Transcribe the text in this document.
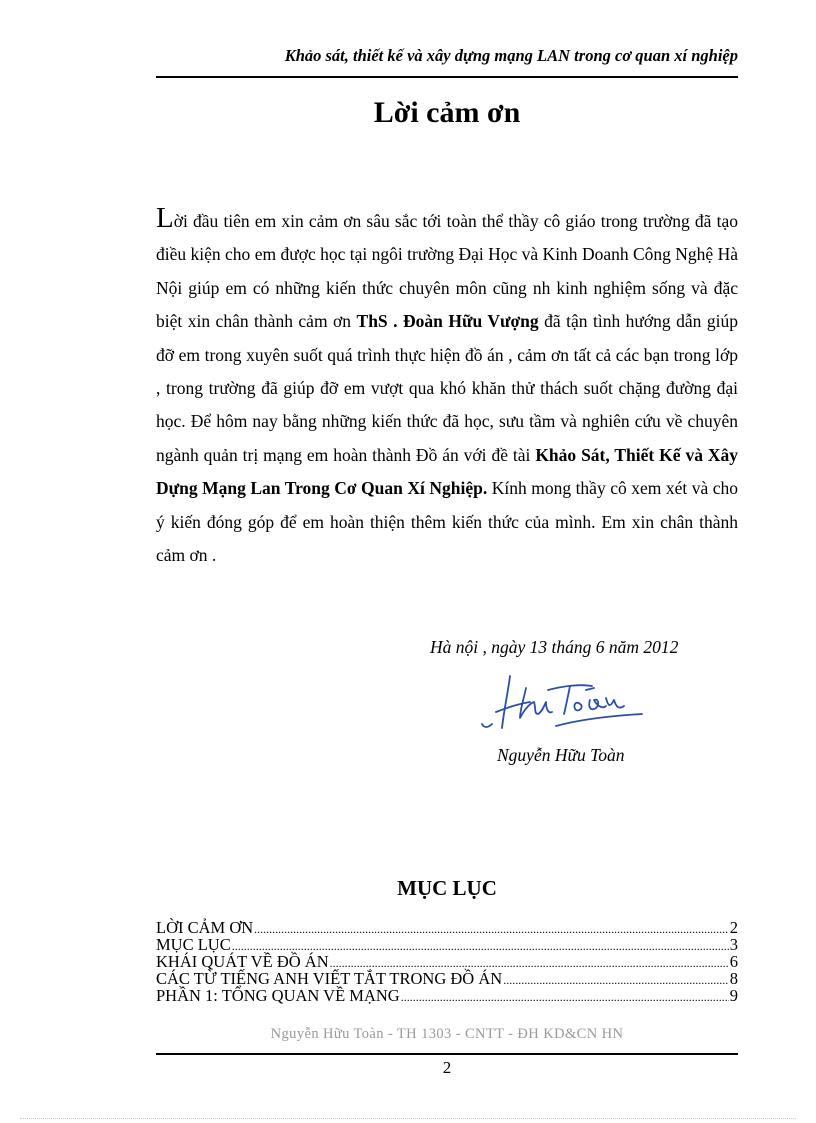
Khảo sát, thiết kế và xây dựng mạng LAN trong cơ quan xí nghiệp
Lời cảm ơn
Lời đầu tiên em xin cảm ơn sâu sắc tới toàn thể thầy cô giáo trong trường đã tạo điều kiện cho em được học tại ngôi trường Đại Học và Kinh Doanh Công Nghệ Hà Nội giúp em có những kiến thức chuyên môn cũng nh kinh nghiệm sống và đặc biệt xin chân thành cảm ơn ThS . Đoàn Hữu Vượng đã tận tình hướng dẫn giúp đỡ em trong xuyên suốt quá trình thực hiện đồ án , cảm ơn tất cả các bạn trong lớp , trong trường đã giúp đỡ em vượt qua khó khăn thử thách suốt chặng đường đại học. Để hôm nay bằng những kiến thức đã học, sưu tầm và nghiên cứu về chuyên ngành quản trị mạng em hoàn thành Đồ án với đề tài Khảo Sát, Thiết Kế và Xây Dựng Mạng Lan Trong Cơ Quan Xí Nghiệp. Kính mong thầy cô xem xét và cho ý kiến đóng góp để em hoàn thiện thêm kiến thức của mình. Em xin chân thành cảm ơn .
Hà nội , ngày 13 tháng 6 năm 2012
Nguyễn Hữu Toàn
MỤC LỤC
LỜI CẢM ƠN .....	2
MỤC LỤC .....	3
KHÁI QUÁT VỀ ĐỒ ÁN .....	6
CÁC TỪ TIẾNG ANH VIẾT TẮT TRONG ĐỒ ÁN .....	8
PHẦN 1: TỔNG QUAN VỀ MẠNG .....	9
Nguyễn Hữu Toàn - TH 1303 - CNTT - ĐH KD&CN HN
2
